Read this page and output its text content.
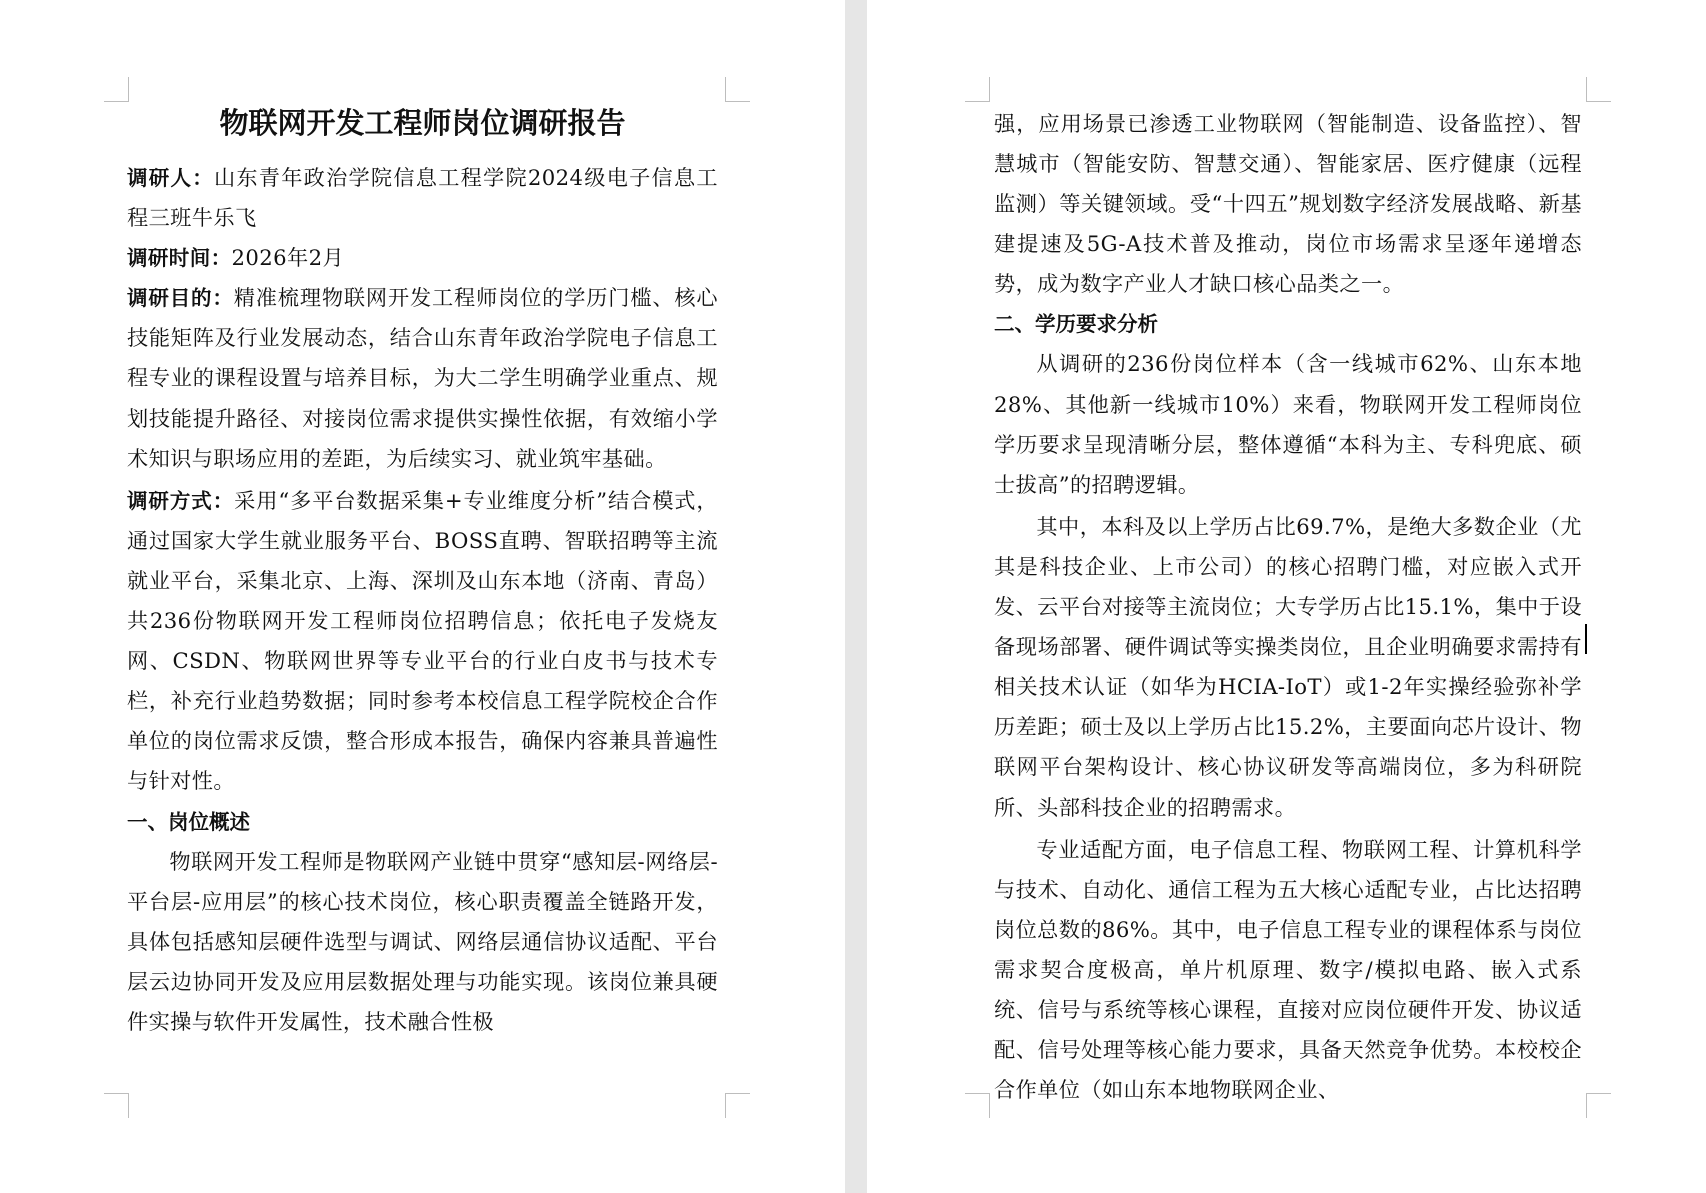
物联网开发工程师岗位调研报告

调研人：山东青年政治学院信息工程学院2024级电子信息工程三班牛乐飞

调研时间：2026年2月

调研目的：精准梳理物联网开发工程师岗位的学历门槛、核心技能矩阵及行业发展动态，结合山东青年政治学院电子信息工程专业的课程设置与培养目标，为大二学生明确学业重点、规划技能提升路径、对接岗位需求提供实操性依据，有效缩小学术知识与职场应用的差距，为后续实习、就业筑牢基础。

调研方式：采用“多平台数据采集+专业维度分析”结合模式，通过国家大学生就业服务平台、BOSS直聘、智联招聘等主流就业平台，采集北京、上海、深圳及山东本地（济南、青岛）共236份物联网开发工程师岗位招聘信息；依托电子发烧友网、CSDN、物联网世界等专业平台的行业白皮书与技术专栏，补充行业趋势数据；同时参考本校信息工程学院校企合作单位的岗位需求反馈，整合形成本报告，确保内容兼具普遍性与针对性。

一、岗位概述

物联网开发工程师是物联网产业链中贯穿“感知层-网络层-平台层-应用层”的核心技术岗位，核心职责覆盖全链路开发，具体包括感知层硬件选型与调试、网络层通信协议适配、平台层云边协同开发及应用层数据处理与功能实现。该岗位兼具硬件实操与软件开发属性，技术融合性极

强，应用场景已渗透工业物联网（智能制造、设备监控）、智慧城市（智能安防、智慧交通）、智能家居、医疗健康（远程监测）等关键领域。受“十四五”规划数字经济发展战略、新基建提速及5G-A技术普及推动，岗位市场需求呈逐年递增态势，成为数字产业人才缺口核心品类之一。

二、学历要求分析

从调研的236份岗位样本（含一线城市62%、山东本地28%、其他新一线城市10%）来看，物联网开发工程师岗位学历要求呈现清晰分层，整体遵循“本科为主、专科兜底、硕士拔高”的招聘逻辑。

其中，本科及以上学历占比69.7%，是绝大多数企业（尤其是科技企业、上市公司）的核心招聘门槛，对应嵌入式开发、云平台对接等主流岗位；大专学历占比15.1%，集中于设备现场部署、硬件调试等实操类岗位，且企业明确要求需持有相关技术认证（如华为HCIA-IoT）或1-2年实操经验弥补学历差距；硕士及以上学历占比15.2%，主要面向芯片设计、物联网平台架构设计、核心协议研发等高端岗位，多为科研院所、头部科技企业的招聘需求。

专业适配方面，电子信息工程、物联网工程、计算机科学与技术、自动化、通信工程为五大核心适配专业，占比达招聘岗位总数的86%。其中，电子信息工程专业的课程体系与岗位需求契合度极高，单片机原理、数字/模拟电路、嵌入式系统、信号与系统等核心课程，直接对应岗位硬件开发、协议适配、信号处理等核心能力要求，具备天然竞争优势。本校校企合作单位（如山东本地物联网企业、
